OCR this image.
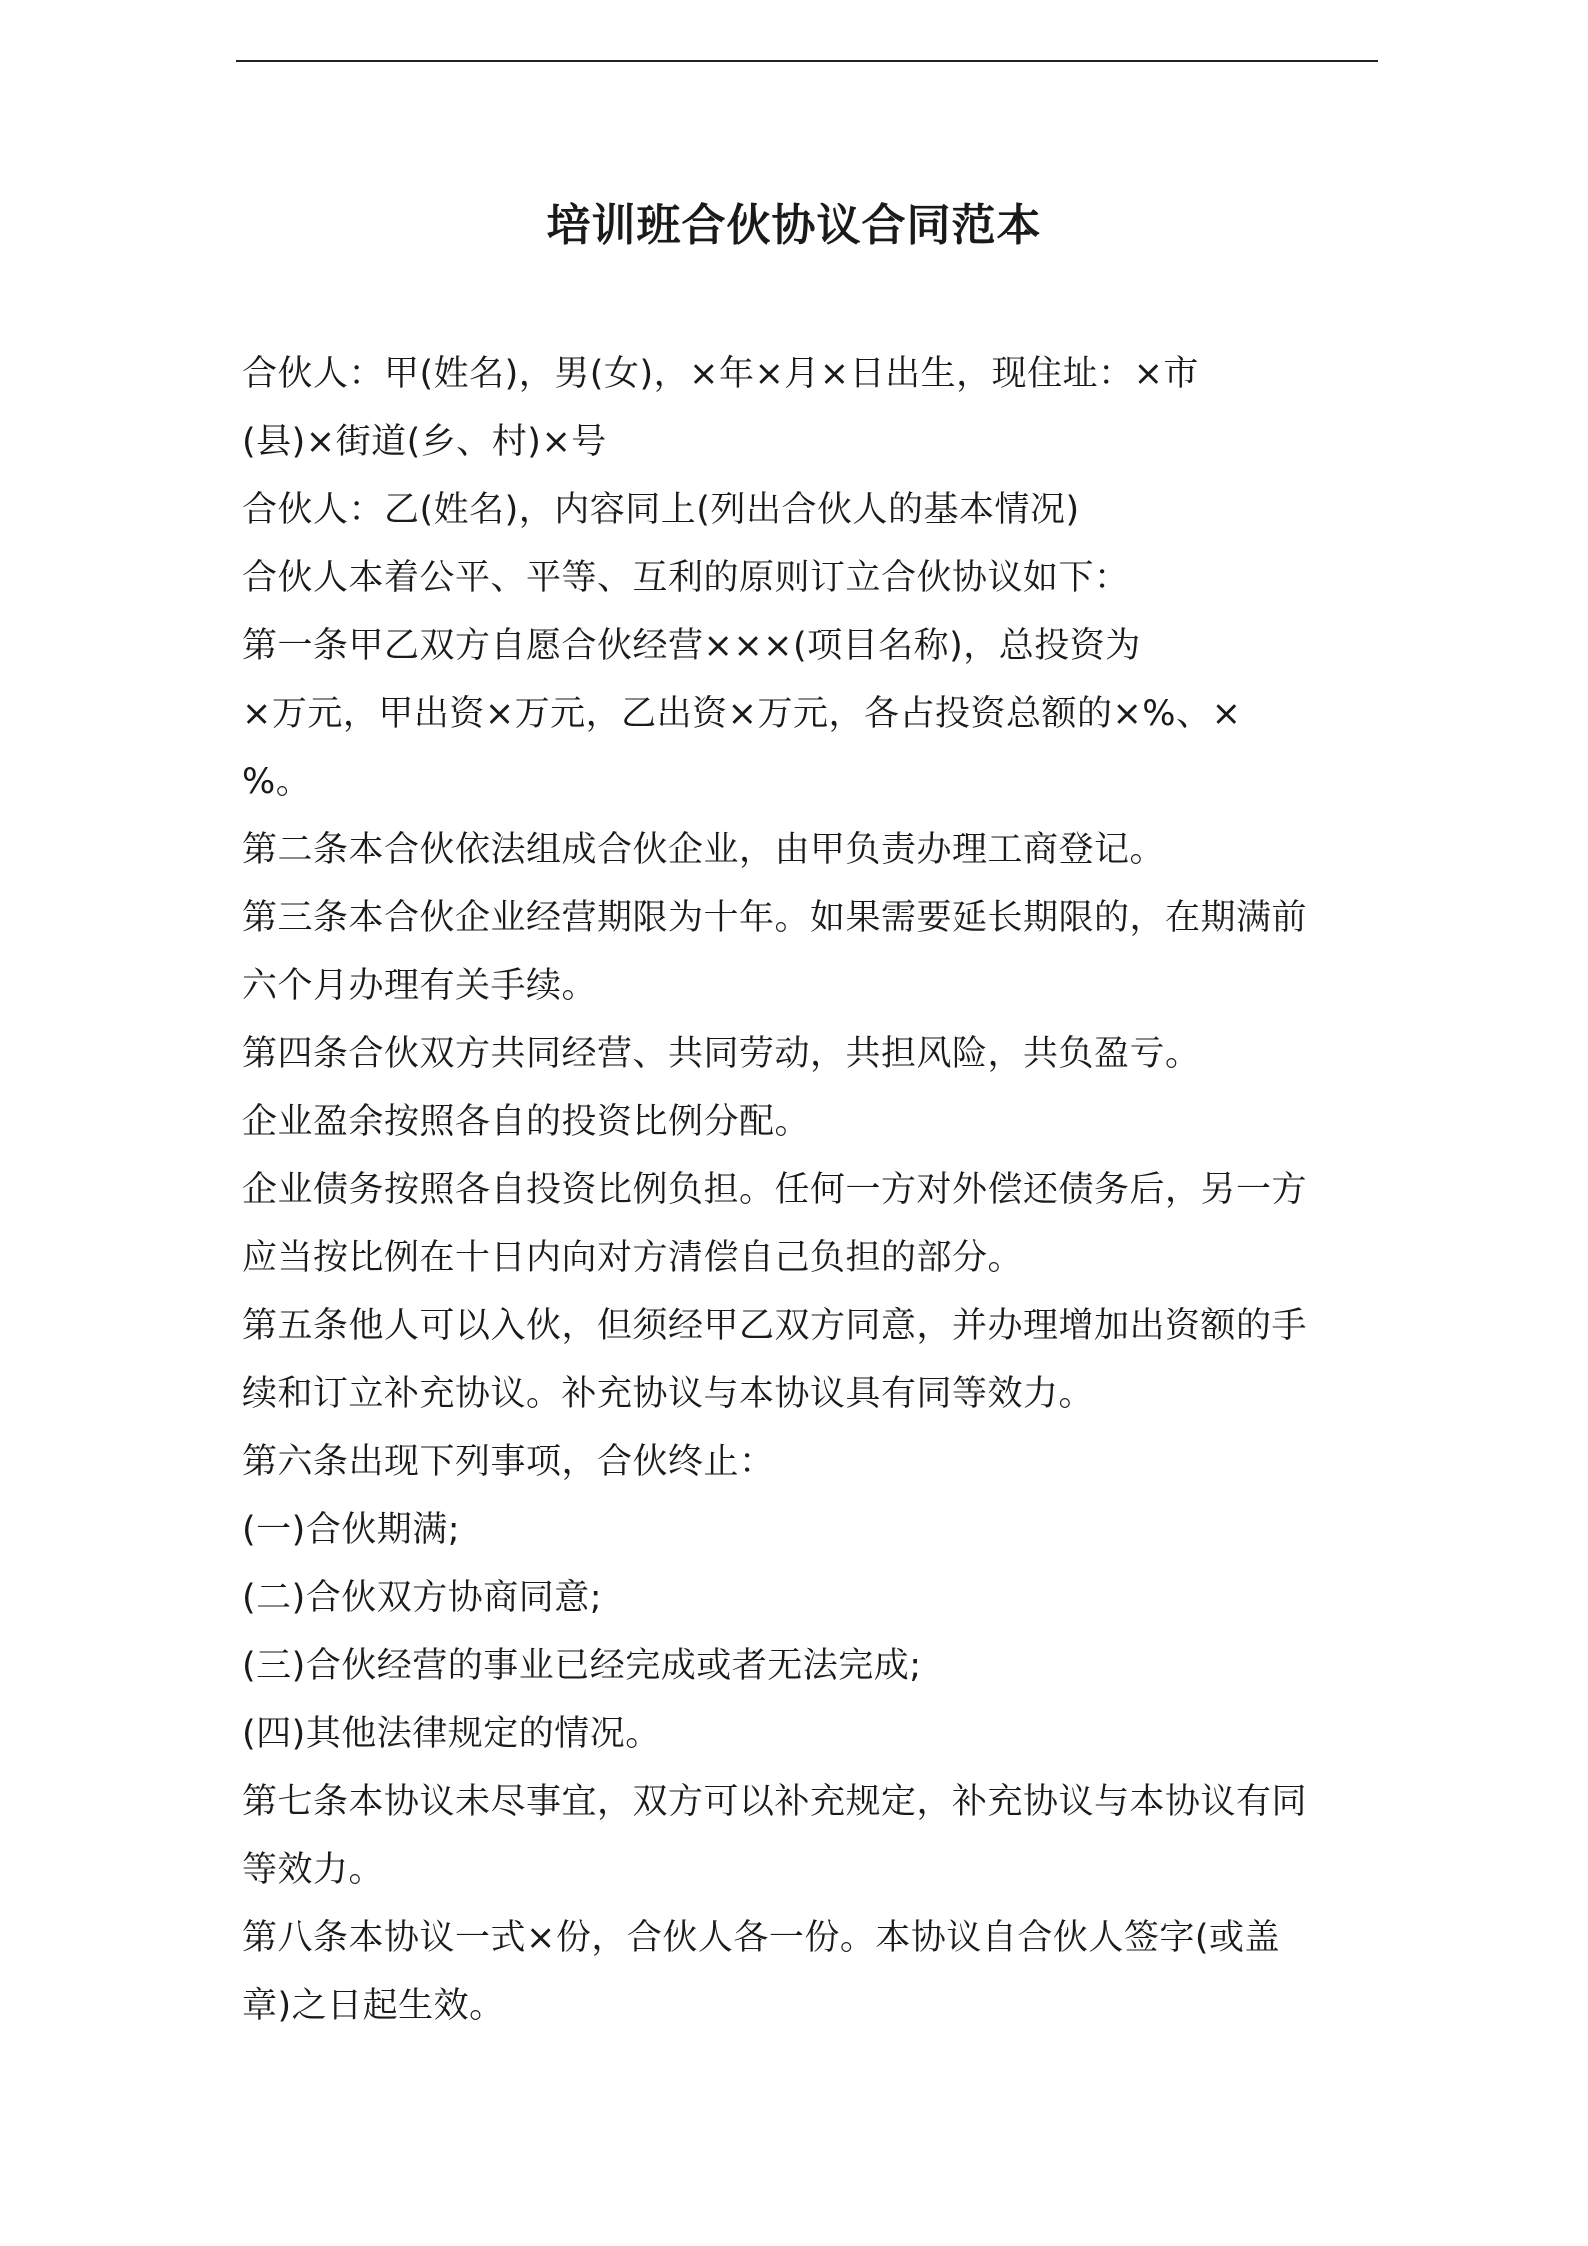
培训班合伙协议合同范本

合伙人：甲(姓名)，男(女)，×年×月×日出生，现住址：×市

(县)×街道(乡、村)×号

合伙人：乙(姓名)，内容同上(列出合伙人的基本情况)

合伙人本着公平、平等、互利的原则订立合伙协议如下：

第一条甲乙双方自愿合伙经营×××(项目名称)，总投资为

×万元，甲出资×万元，乙出资×万元，各占投资总额的×%、×

%。

第二条本合伙依法组成合伙企业，由甲负责办理工商登记。

第三条本合伙企业经营期限为十年。如果需要延长期限的，在期满前

六个月办理有关手续。

第四条合伙双方共同经营、共同劳动，共担风险，共负盈亏。

企业盈余按照各自的投资比例分配。

企业债务按照各自投资比例负担。任何一方对外偿还债务后，另一方

应当按比例在十日内向对方清偿自己负担的部分。

第五条他人可以入伙，但须经甲乙双方同意，并办理增加出资额的手

续和订立补充协议。补充协议与本协议具有同等效力。

第六条出现下列事项，合伙终止：

(一)合伙期满;

(二)合伙双方协商同意;

(三)合伙经营的事业已经完成或者无法完成;

(四)其他法律规定的情况。

第七条本协议未尽事宜，双方可以补充规定，补充协议与本协议有同

等效力。

第八条本协议一式×份，合伙人各一份。本协议自合伙人签字(或盖

章)之日起生效。
